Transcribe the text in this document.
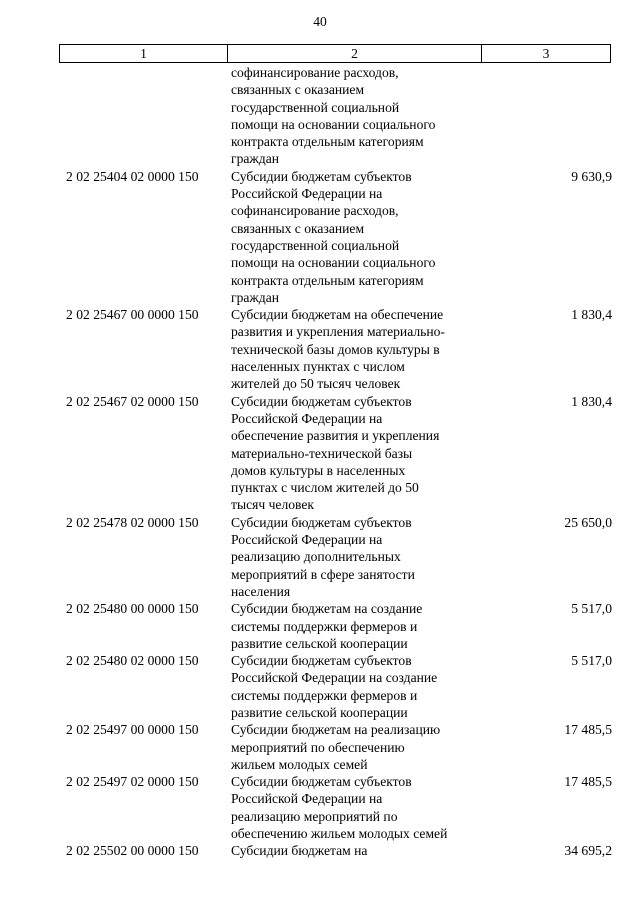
40
1	2	3
софинансирование расходов,
связанных с оказанием
государственной социальной
помощи на основании социального
контракта отдельным категориям
граждан
2 02 25404 02 0000 150	Субсидии бюджетам субъектов
Российской Федерации на
софинансирование расходов,
связанных с оказанием
государственной социальной
помощи на основании социального
контракта отдельным категориям
граждан
9 630,9
2 02 25467 00 0000 150	Субсидии бюджетам на обеспечение
развития и укрепления материально-
технической базы домов культуры в
населенных пунктах с числом
жителей до 50 тысяч человек
1 830,4
2 02 25467 02 0000 150	Субсидии бюджетам субъектов
Российской Федерации на
обеспечение развития и укрепления
материально-технической базы
домов культуры в населенных
пунктах с числом жителей до 50
тысяч человек
1 830,4
2 02 25478 02 0000 150	Субсидии бюджетам субъектов
Российской Федерации на
реализацию дополнительных
мероприятий в сфере занятости
населения
25 650,0
2 02 25480 00 0000 150	Субсидии бюджетам на создание
системы поддержки фермеров и
развитие сельской кооперации
5 517,0
2 02 25480 02 0000 150	Субсидии бюджетам субъектов
Российской Федерации на создание
системы поддержки фермеров и
развитие сельской кооперации
5 517,0
2 02 25497 00 0000 150	Субсидии бюджетам на реализацию
мероприятий по обеспечению
жильем молодых семей
17 485,5
2 02 25497 02 0000 150	Субсидии бюджетам субъектов
Российской Федерации на
реализацию мероприятий по
обеспечению жильем молодых семей
17 485,5
2 02 25502 00 0000 150	Субсидии бюджетам на	34 695,2
